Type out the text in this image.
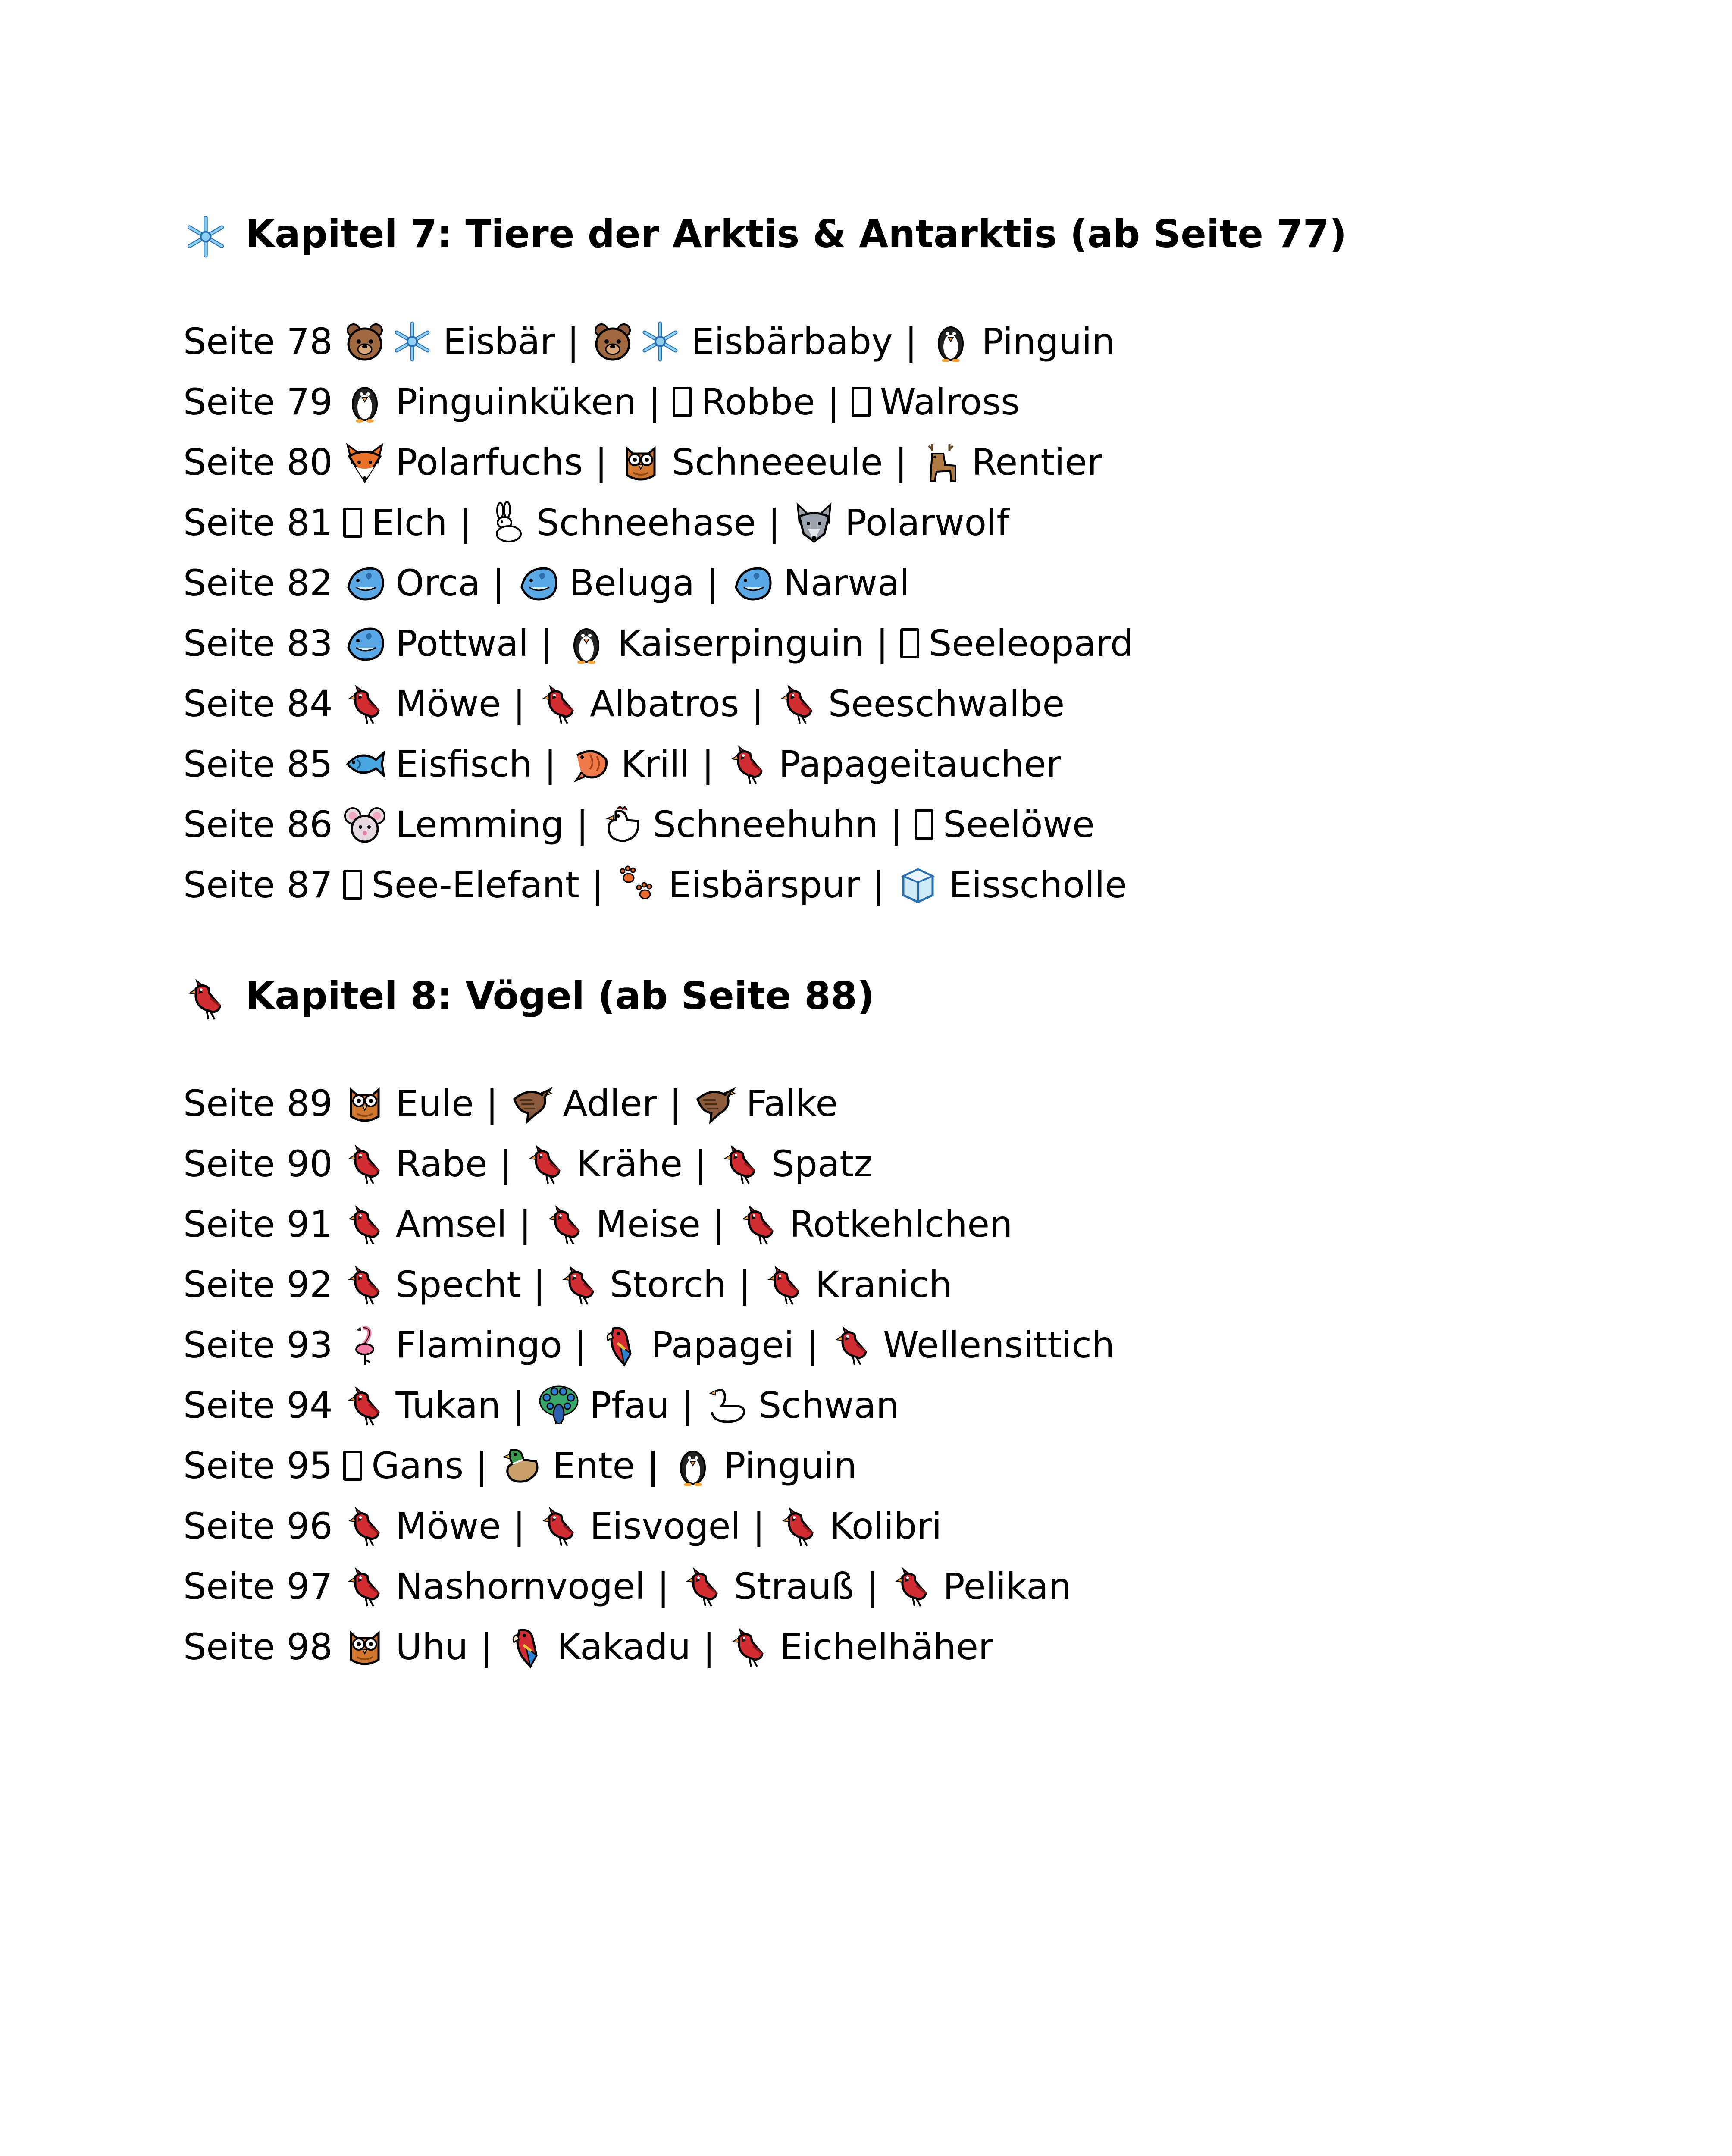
Kapitel 7: Tiere der Arktis & Antarktis (ab Seite 77)
Seite 78	Eisbär |	Eisbärbaby | Pinguin
Seite 79 Pinguinküken | Robbe | Walross
Seite 80 Polarfuchs | Schneeeule | Rentier
Seite 81 Elch | Schneehase | Polarwolf
Seite 82 Orca | Beluga | Narwal
Seite 83 Pottwal | Kaiserpinguin | Seeleopard
Seite 84 Möwe | Albatros | Seeschwalbe
Seite 85 Eisfisch | Krill | Papageitaucher
Seite 86 Lemming | Schneehuhn | Seelöwe
Seite 87 See-Elefant | Eisbärspur | Eisscholle
Kapitel 8: Vögel (ab Seite 88)
Seite 89 Eule | Adler | Falke
Seite 90 Rabe | Krähe | Spatz
Seite 91 Amsel | Meise | Rotkehlchen
Seite 92 Specht | Storch | Kranich
Seite 93 Flamingo | Papagei | Wellensittich
Seite 94 Tukan | Pfau | Schwan
Seite 95 Gans | Ente | Pinguin
Seite 96 Möwe | Eisvogel | Kolibri
Seite 97 Nashornvogel | Strauß | Pelikan
Seite 98 Uhu | Kakadu | Eichelhäher
